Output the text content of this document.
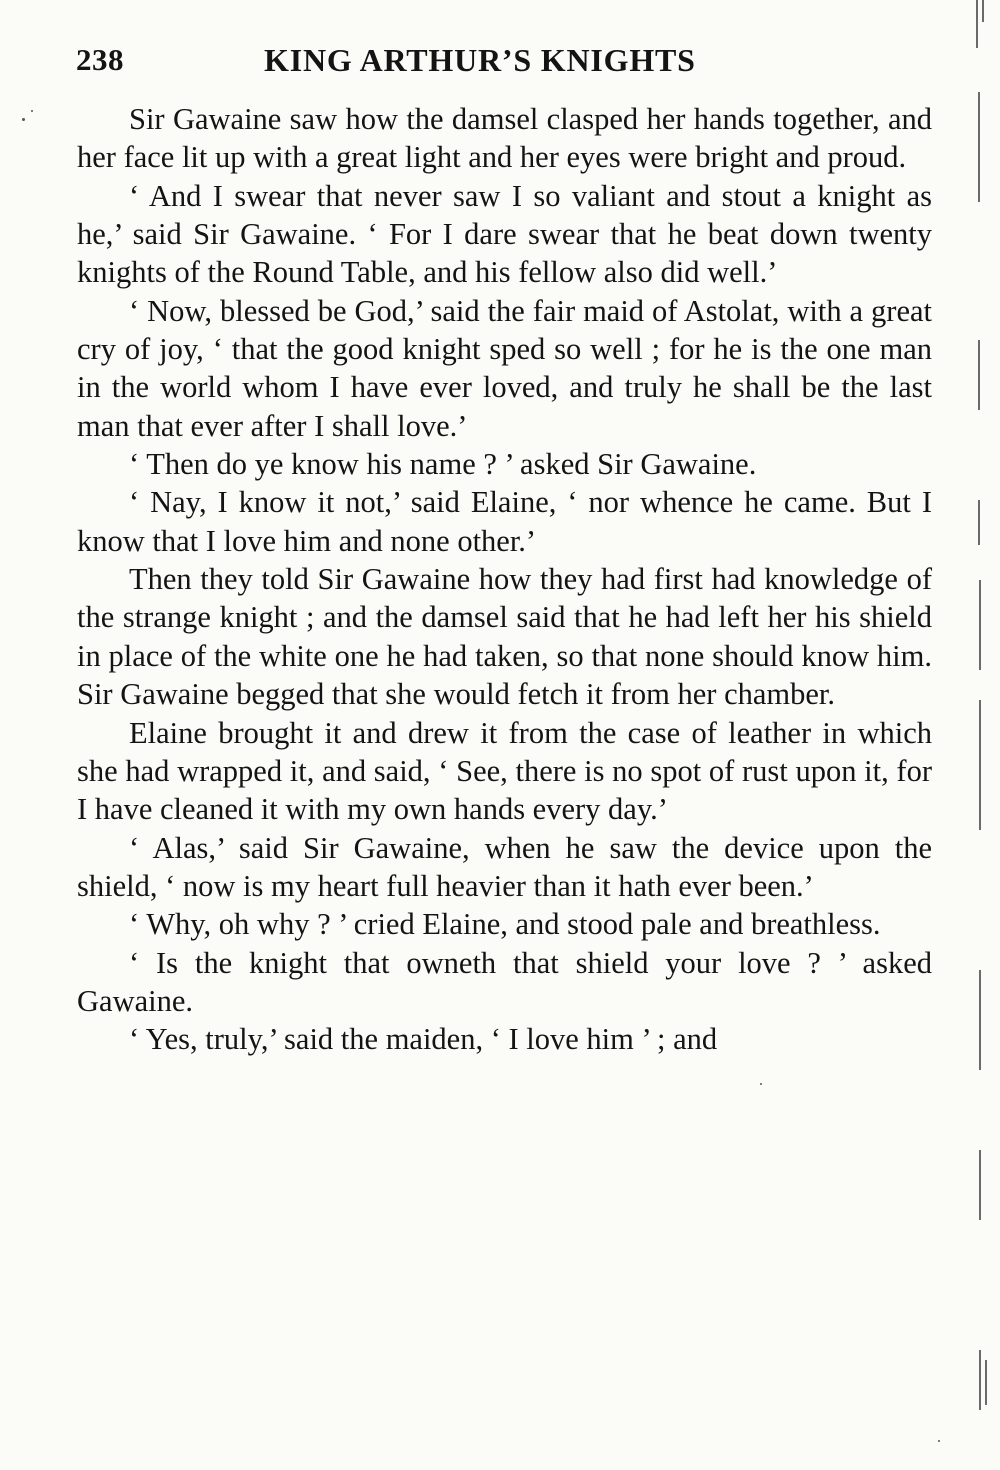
238	KING ARTHUR’S KNIGHTS

Sir Gawaine saw how the damsel clasped her hands together, and her face lit up with a great light and her eyes were bright and proud.

‘ And I swear that never saw I so valiant and stout a knight as he,’ said Sir Gawaine. ‘ For I dare swear that he beat down twenty knights of the Round Table, and his fellow also did well.’

‘ Now, blessed be God,’ said the fair maid of Astolat, with a great cry of joy, ‘ that the good knight sped so well ; for he is the one man in the world whom I have ever loved, and truly he shall be the last man that ever after I shall love.’

‘ Then do ye know his name ? ’ asked Sir Gawaine.

‘ Nay, I know it not,’ said Elaine, ‘ nor whence he came. But I know that I love him and none other.’

Then they told Sir Gawaine how they had first had knowledge of the strange knight ; and the damsel said that he had left her his shield in place of the white one he had taken, so that none should know him. Sir Gawaine begged that she would fetch it from her chamber.

Elaine brought it and drew it from the case of leather in which she had wrapped it, and said, ‘ See, there is no spot of rust upon it, for I have cleaned it with my own hands every day.’

‘ Alas,’ said Sir Gawaine, when he saw the device upon the shield, ‘ now is my heart full heavier than it hath ever been.’

‘ Why, oh why ? ’ cried Elaine, and stood pale and breathless.

‘ Is the knight that owneth that shield your love ? ’ asked Gawaine.

‘ Yes, truly,’ said the maiden, ‘ I love him ’ ; and
